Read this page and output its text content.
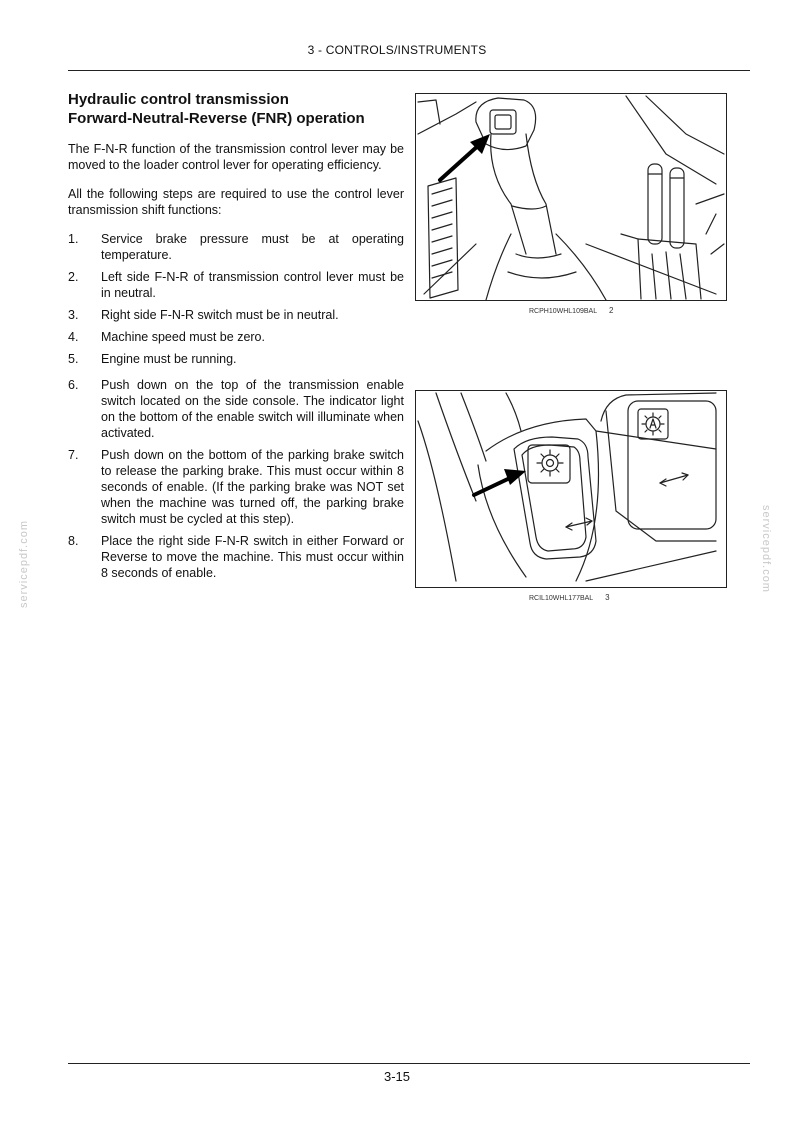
3 - CONTROLS/INSTRUMENTS
Hydraulic control transmission
Forward-Neutral-Reverse (FNR) operation

The F-N-R function of the transmission control lever may be moved to the loader control lever for operating efficiency.

All the following steps are required to use the control lever transmission shift functions:

1.	Service brake pressure must be at operating temperature.
2.	Left side F-N-R of transmission control lever must be in neutral.
3.	Right side F-N-R switch must be in neutral.
4.	Machine speed must be zero.
5.	Engine must be running.
6.	Push down on the top of the transmission enable switch located on the side console. The indicator light on the bottom of the enable switch will illuminate when activated.
7.	Push down on the bottom of the parking brake switch to release the parking brake. This must occur within 8 seconds of enable. (If the parking brake was NOT set when the machine was turned off, the parking brake switch must be cycled at this step).
8.	Place the right side F-N-R switch in either Forward or Reverse to move the machine. This must occur within 8 seconds of enable.
RCPH10WHL109BAL 2
RCIL10WHL177BAL 3
servicepdf.com	servicepdf.com
3-15
